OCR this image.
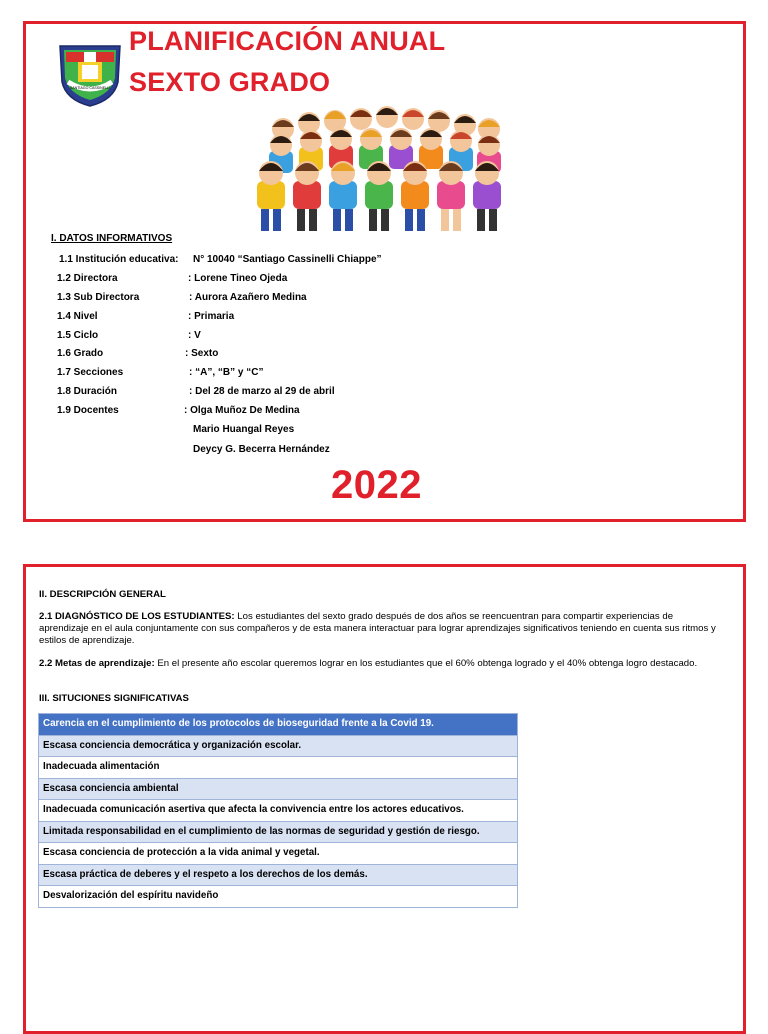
SANTIAGO CASSINELLI
PLANIFICACIÓN ANUAL
SEXTO GRADO
I. DATOS INFORMATIVOS
1.1 Institución educativa: N° 10040 “Santiago Cassinelli Chiappe”
1.2 Directora	: Lorene Tineo Ojeda
1.3 Sub Directora	: Aurora Azañero Medina
1.4 Nivel	: Primaria
1.5 Ciclo	: V
1.6 Grado	: Sexto
1.7 Secciones	: “A”, “B” y “C”
1.8 Duración	: Del 28 de marzo al 29 de abril
1.9 Docentes	: Olga Muñoz De Medina
Mario Huangal Reyes
Deycy G. Becerra Hernández
2022
II. DESCRIPCIÓN GENERAL
2.1 DIAGNÓSTICO DE LOS ESTUDIANTES: Los estudiantes del sexto grado después de dos años se reencuentran para compartir experiencias de aprendizaje en el aula conjuntamente con sus compañeros y de esta manera interactuar para lograr aprendizajes significativos teniendo en cuenta sus ritmos y estilos de aprendizaje.
2.2 Metas de aprendizaje: En el presente año escolar queremos lograr en los estudiantes que el 60% obtenga logrado y el 40% obtenga logro destacado.
III. SITUCIONES SIGNIFICATIVAS
Carencia en el cumplimiento de los protocolos de bioseguridad frente a la Covid 19.
Escasa conciencia democrática y organización escolar.
Inadecuada alimentación
Escasa conciencia ambiental
Inadecuada comunicación asertiva que afecta la convivencia entre los actores educativos.
Limitada responsabilidad en el cumplimiento de las normas de seguridad y gestión de riesgo.
Escasa conciencia de protección a la vida animal y vegetal.
Escasa práctica de deberes y el respeto a los derechos de los demás.
Desvalorización del espíritu navideño
